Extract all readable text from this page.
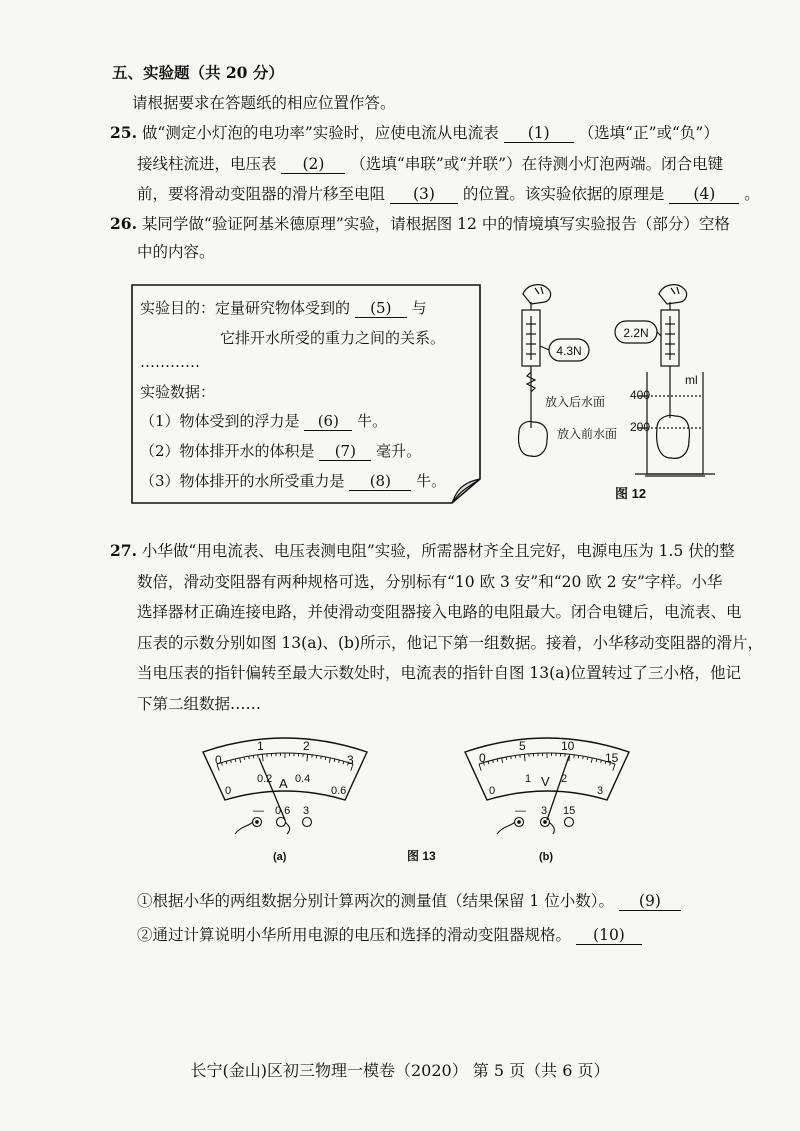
五、实验题（共 20 分）
请根据要求在答题纸的相应位置作答。
25. 做“测定小灯泡的电功率”实验时，应使电流从电流表 (1) （选填“正”或“负”）
接线柱流进，电压表 (2) （选填“串联”或“并联”）在待测小灯泡两端。闭合电键
前，要将滑动变阻器的滑片移至电阻 (3) 的位置。该实验依据的原理是 (4) 。
26. 某同学做“验证阿基米德原理”实验，请根据图 12 中的情境填写实验报告（部分）空格
中的内容。
实验目的：定量研究物体受到的 (5) 与
它排开水所受的重力之间的关系。
…………
实验数据：
（1）物体受到的浮力是 (6) 牛。
（2）物体排开水的体积是 (7) 毫升。
（3）物体排开的水所受重力是 (8) 牛。
4.3N
2.2N
ml
400
200
放入后水面
放入前水面
图 12
27. 小华做“用电流表、电压表测电阻”实验，所需器材齐全且完好，电源电压为 1.5 伏的整
数倍，滑动变阻器有两种规格可选，分别标有“10 欧 3 安”和“20 欧 2 安”字样。小华
选择器材正确连接电路，并使滑动变阻器接入电路的电阻最大。闭合电键后，电流表、电
压表的示数分别如图 13(a)、(b)所示，他记下第一组数据。接着，小华移动变阻器的滑片，
当电压表的指针偏转至最大示数处时，电流表的指针自图 13(a)位置转过了三小格，他记
下第二组数据……
0
1	2
3
0
0.2 0.4
0.6
A
— 0.6 3
(a)
0
5	10
15
0
1	2
3
V
— 3 15
(b)
图 13
①根据小华的两组数据分别计算两次的测量值（结果保留 1 位小数）。 (9)
②通过计算说明小华所用电源的电压和选择的滑动变阻器规格。 (10)
长宁(金山)区初三物理一模卷（2020） 第 5 页（共 6 页）
